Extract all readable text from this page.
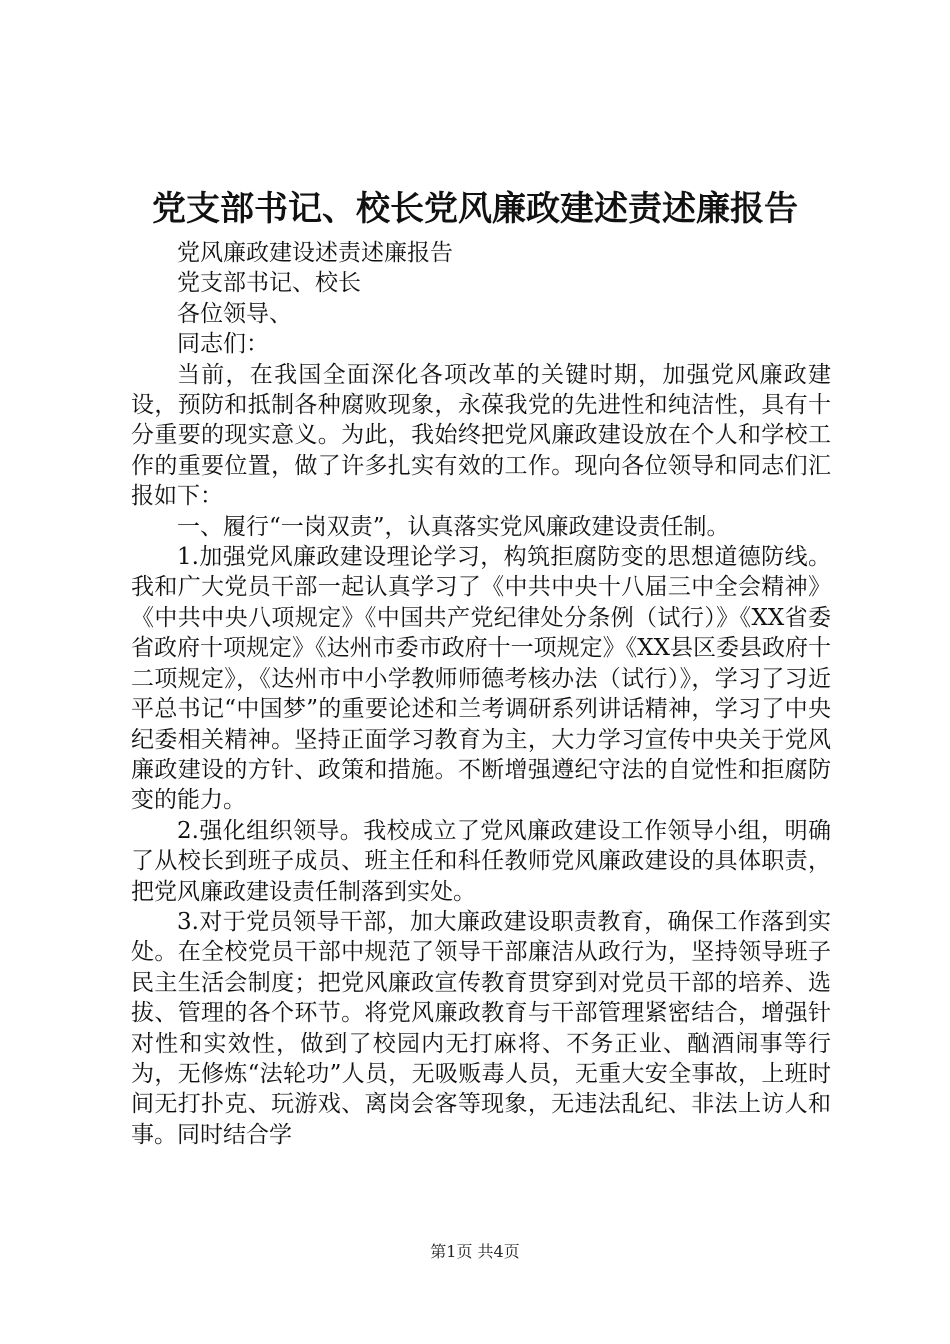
党支部书记、校长党风廉政建述责述廉报告

党风廉政建设述责述廉报告

党支部书记、校长

各位领导、

同志们：

当前，在我国全面深化各项改革的关键时期，加强党风廉政建设，预防和抵制各种腐败现象，永葆我党的先进性和纯洁性，具有十分重要的现实意义。为此，我始终把党风廉政建设放在个人和学校工作的重要位置，做了许多扎实有效的工作。现向各位领导和同志们汇报如下：

一、履行“一岗双责”，认真落实党风廉政建设责任制。

1.加强党风廉政建设理论学习，构筑拒腐防变的思想道德防线。我和广大党员干部一起认真学习了《中共中央十八届三中全会精神》《中共中央八项规定》《中国共产党纪律处分条例（试行）》《XX省委省政府十项规定》《达州市委市政府十一项规定》《XX县区委县政府十二项规定》，《达州市中小学教师师德考核办法（试行）》，学习了习近平总书记“中国梦”的重要论述和兰考调研系列讲话精神，学习了中央纪委相关精神。坚持正面学习教育为主，大力学习宣传中央关于党风廉政建设的方针、政策和措施。不断增强遵纪守法的自觉性和拒腐防变的能力。

2.强化组织领导。我校成立了党风廉政建设工作领导小组，明确了从校长到班子成员、班主任和科任教师党风廉政建设的具体职责，把党风廉政建设责任制落到实处。

3.对于党员领导干部，加大廉政建设职责教育，确保工作落到实处。在全校党员干部中规范了领导干部廉洁从政行为，坚持领导班子民主生活会制度；把党风廉政宣传教育贯穿到对党员干部的培养、选拔、管理的各个环节。将党风廉政教育与干部管理紧密结合，增强针对性和实效性，做到了校园内无打麻将、不务正业、酗酒闹事等行为，无修炼“法轮功”人员，无吸贩毒人员，无重大安全事故，上班时间无打扑克、玩游戏、离岗会客等现象，无违法乱纪、非法上访人和事。同时结合学

第1页 共4页
